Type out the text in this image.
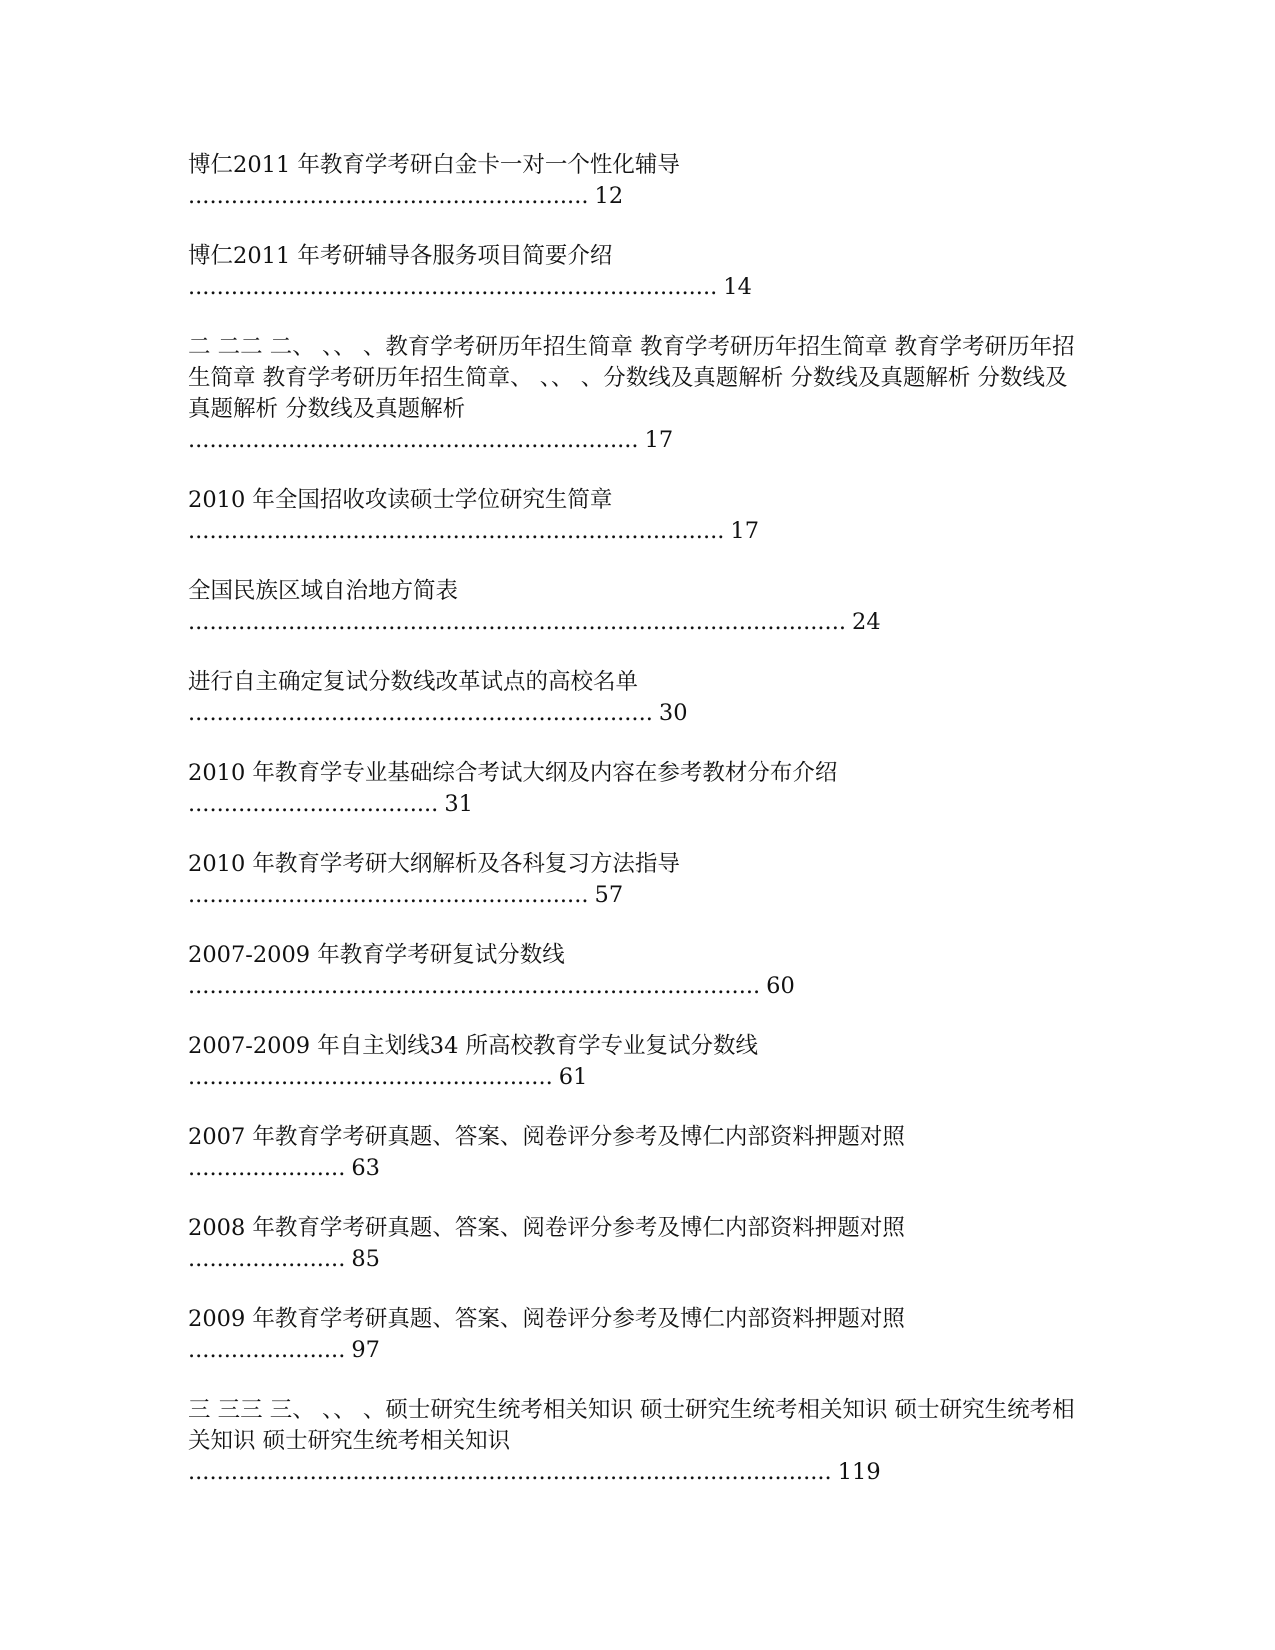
博仁2011 年教育学考研白金卡一对一个性化辅导
........................................................ 12
博仁2011 年考研辅导各服务项目简要介绍
.......................................................................... 14
二 二二 二、 、、 、教育学考研历年招生简章 教育学考研历年招生简章 教育学考研历年招生简章 教育学考研历年招生简章、 、、 、分数线及真题解析 分数线及真题解析 分数线及真题解析 分数线及真题解析
............................................................... 17
2010 年全国招收攻读硕士学位研究生简章
........................................................................... 17
全国民族区域自治地方简表
............................................................................................ 24
进行自主确定复试分数线改革试点的高校名单
................................................................. 30
2010 年教育学专业基础综合考试大纲及内容在参考教材分布介绍
................................... 31
2010 年教育学考研大纲解析及各科复习方法指导
........................................................ 57
2007-2009 年教育学考研复试分数线
................................................................................ 60
2007-2009 年自主划线34 所高校教育学专业复试分数线
................................................... 61
2007 年教育学考研真题、答案、阅卷评分参考及博仁内部资料押题对照
...................... 63
2008 年教育学考研真题、答案、阅卷评分参考及博仁内部资料押题对照
...................... 85
2009 年教育学考研真题、答案、阅卷评分参考及博仁内部资料押题对照
...................... 97
三 三三 三、 、、 、硕士研究生统考相关知识 硕士研究生统考相关知识 硕士研究生统考相关知识 硕士研究生统考相关知识
.......................................................................................... 119
